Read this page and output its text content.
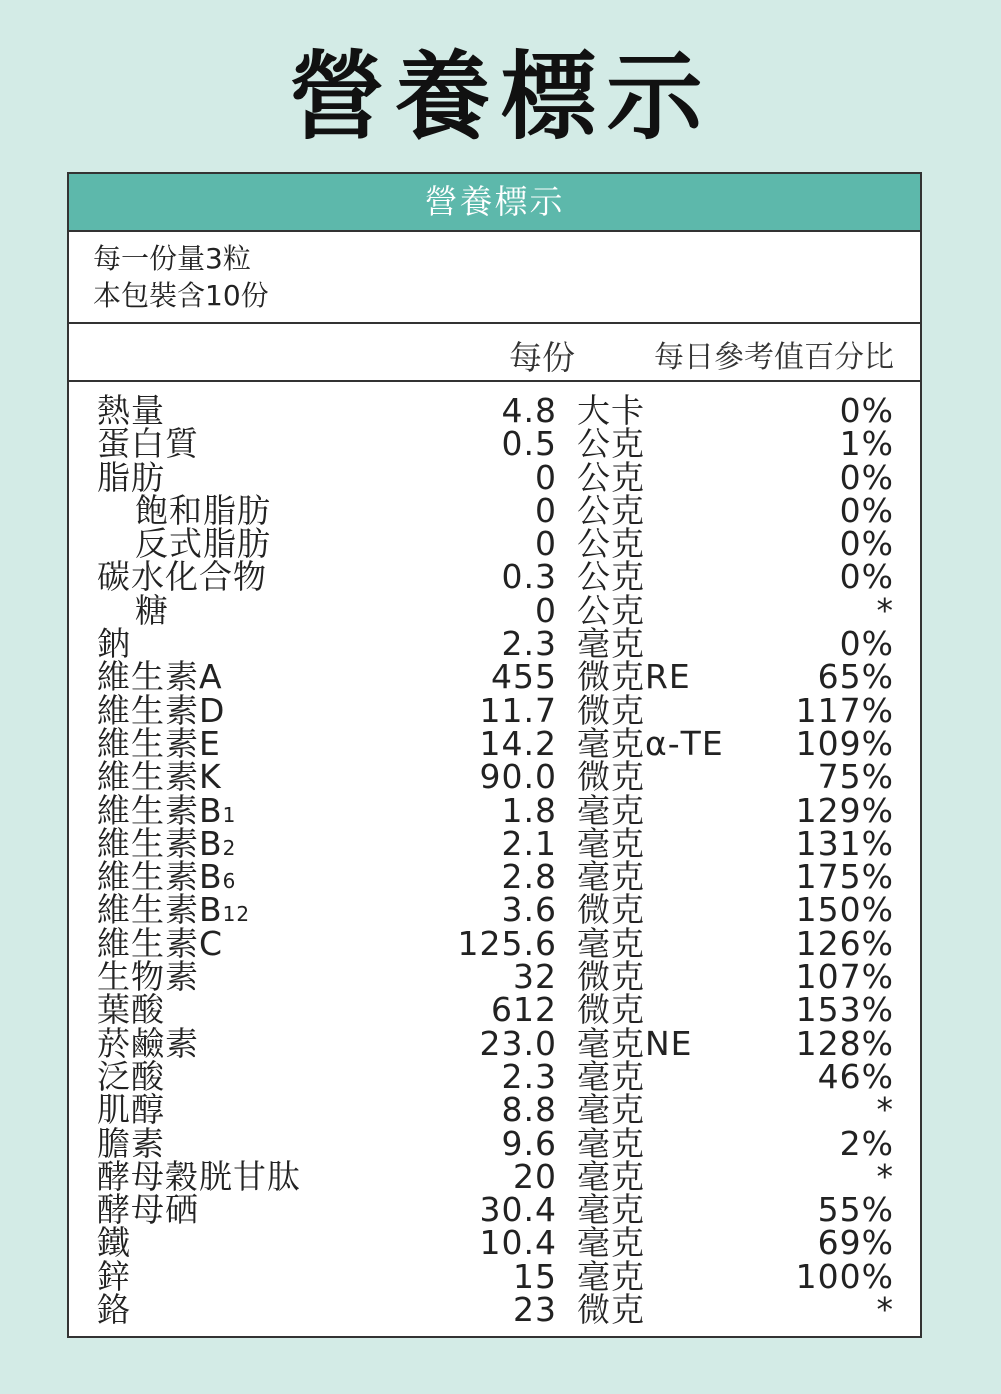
營養標示
營養標示
每一份量3粒
本包裝含10份
每份	每日參考值百分比
熱量	4.8 大卡	0%
蛋白質	0.5 公克	1%
脂肪	0 公克	0%
飽和脂肪	0 公克	0%
反式脂肪	0 公克	0%
碳水化合物	0.3 公克	0%
糖	0 公克	*
鈉	2.3 毫克	0%
維生素A	455 微克RE	65%
維生素D	11.7 微克	117%
維生素E	14.2 毫克α-TE 109%
維生素K	90.0 微克	75%
維生素B1	1.8 毫克	129%
維生素B2	2.1 毫克	131%
維生素B6	2.8 毫克	175%
維生素B12	3.6 微克	150%
維生素C	125.6 毫克	126%
生物素	32 微克	107%
葉酸	612 微克	153%
菸鹼素	23.0 毫克NE	128%
泛酸	2.3 毫克	46%
肌醇	8.8 毫克	*
膽素	9.6 毫克	2%
酵母穀胱甘肽	20 毫克	*
酵母硒	30.4 毫克	55%
鐵	10.4 毫克	69%
鋅	15 毫克	100%
鉻	23 微克	*
